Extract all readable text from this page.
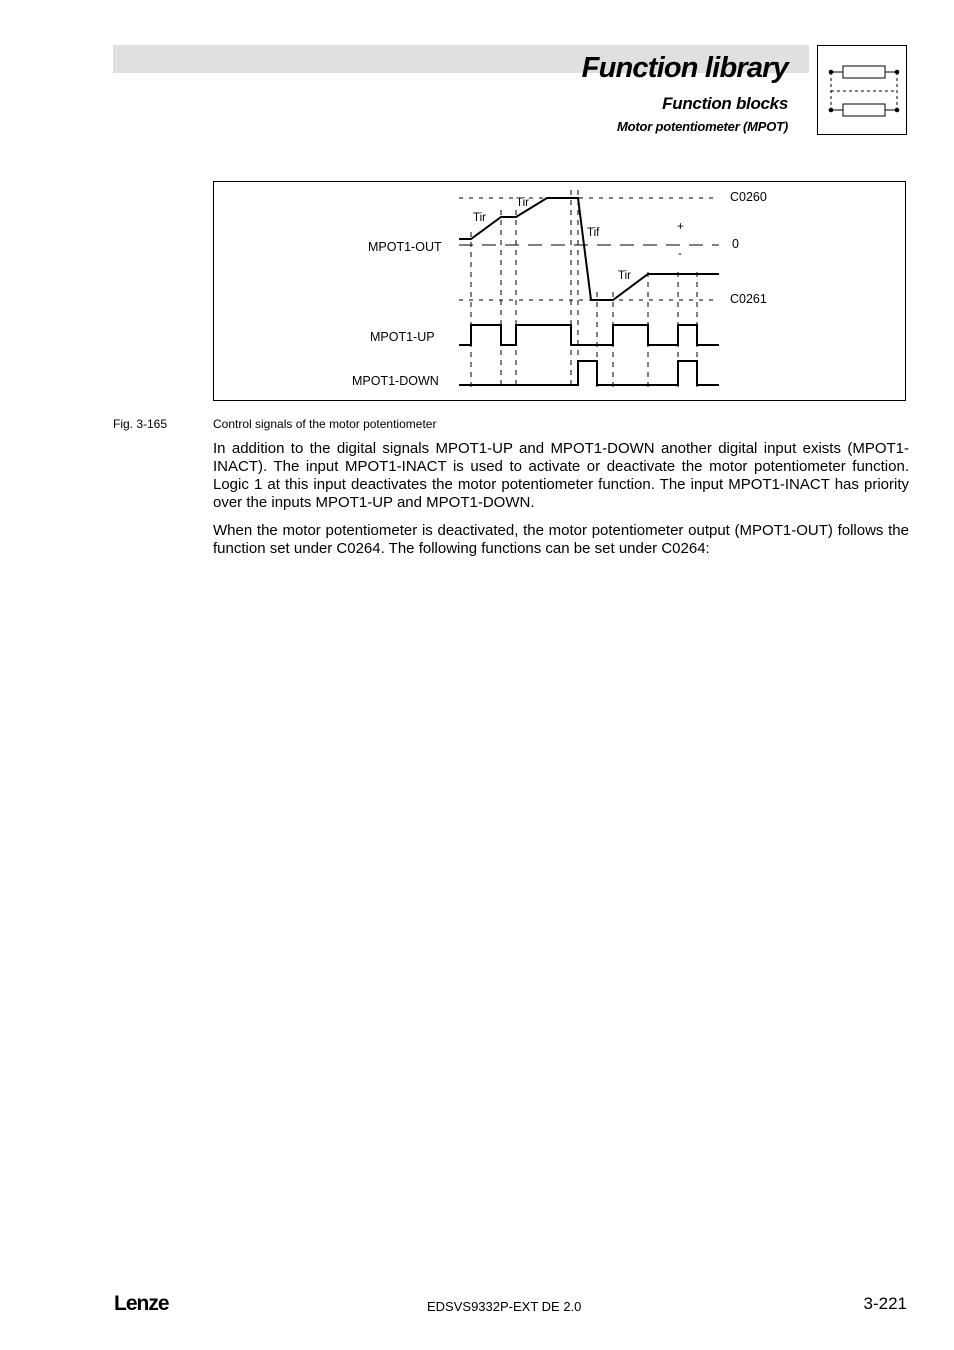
Function library
Function blocks
Motor potentiometer (MPOT)
C0260
0
C0261
MPOT1-OUT
MPOT1-UP
MPOT1-DOWN
Tir
Tir
Tif
Tir
+
-
Fig. 3-165	Control signals of the motor potentiometer

In addition to the digital signals MPOT1-UP and MPOT1-DOWN another digital input exists (MPOT1-INACT). The input MPOT1-INACT is used to activate or deactivate the motor potentiometer function. Logic 1 at this input deactivates the motor potentiometer function. The input MPOT1-INACT has priority over the inputs MPOT1-UP and MPOT1-DOWN.

When the motor potentiometer is deactivated, the motor potentiometer output (MPOT1-OUT) follows the function set under C0264. The following functions can be set under C0264:

Lenze	EDSVS9332P-EXT DE 2.0	3-221
